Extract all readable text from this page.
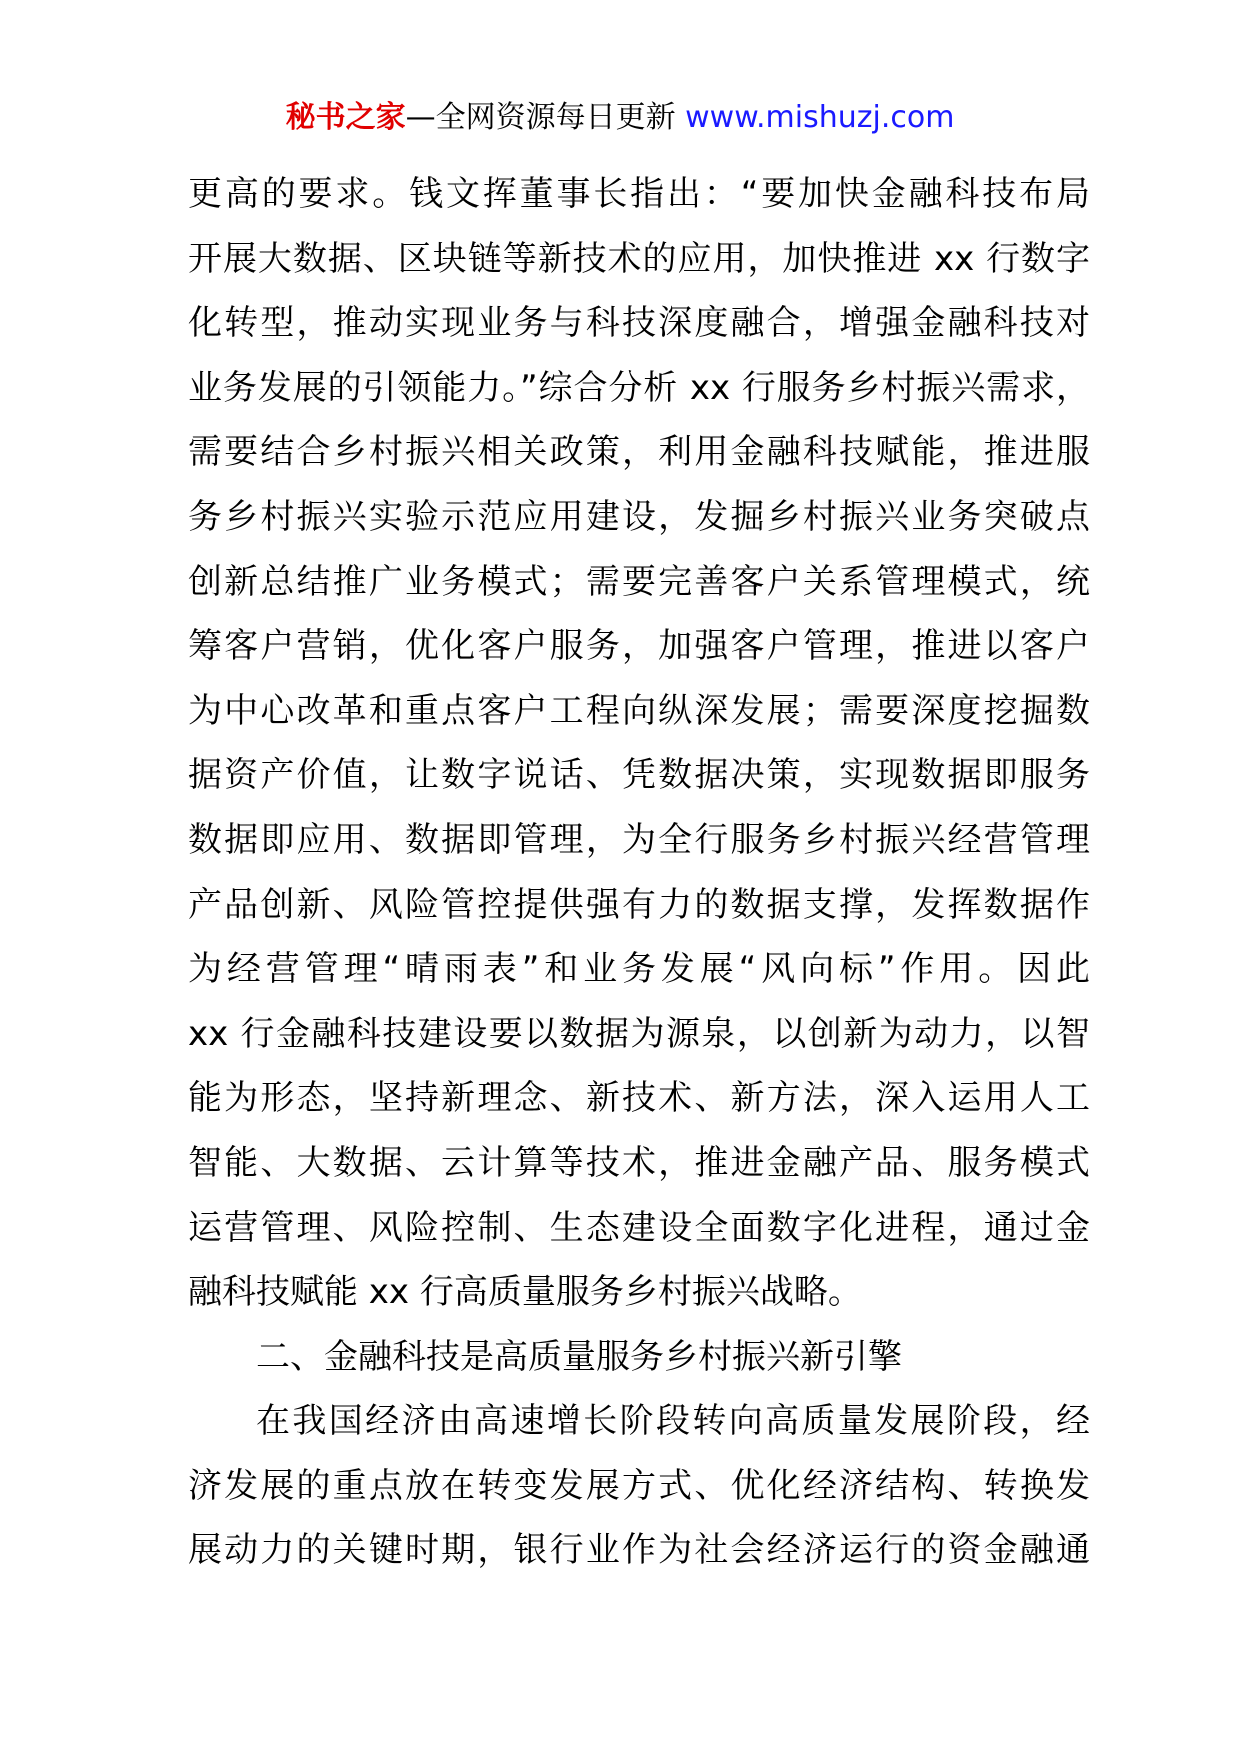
秘书之家—全网资源每日更新 www.mishuzj.com
更高的要求。钱文挥董事长指出：“要加快金融科技布局
开展大数据、区块链等新技术的应用，加快推进 xx 行数字
化转型，推动实现业务与科技深度融合，增强金融科技对
业务发展的引领能力。”综合分析 xx 行服务乡村振兴需求，
需要结合乡村振兴相关政策，利用金融科技赋能，推进服
务乡村振兴实验示范应用建设，发掘乡村振兴业务突破点
创新总结推广业务模式；需要完善客户关系管理模式，统
筹客户营销，优化客户服务，加强客户管理，推进以客户
为中心改革和重点客户工程向纵深发展；需要深度挖掘数
据资产价值，让数字说话、凭数据决策，实现数据即服务
数据即应用、数据即管理，为全行服务乡村振兴经营管理
产品创新、风险管控提供强有力的数据支撑，发挥数据作
为经营管理“晴雨表”和业务发展“风向标”作用。因此
xx 行金融科技建设要以数据为源泉，以创新为动力，以智
能为形态，坚持新理念、新技术、新方法，深入运用人工
智能、大数据、云计算等技术，推进金融产品、服务模式
运营管理、风险控制、生态建设全面数字化进程，通过金
融科技赋能 xx 行高质量服务乡村振兴战略。
二、金融科技是高质量服务乡村振兴新引擎
在我国经济由高速增长阶段转向高质量发展阶段，经
济发展的重点放在转变发展方式、优化经济结构、转换发
展动力的关键时期，银行业作为社会经济运行的资金融通
